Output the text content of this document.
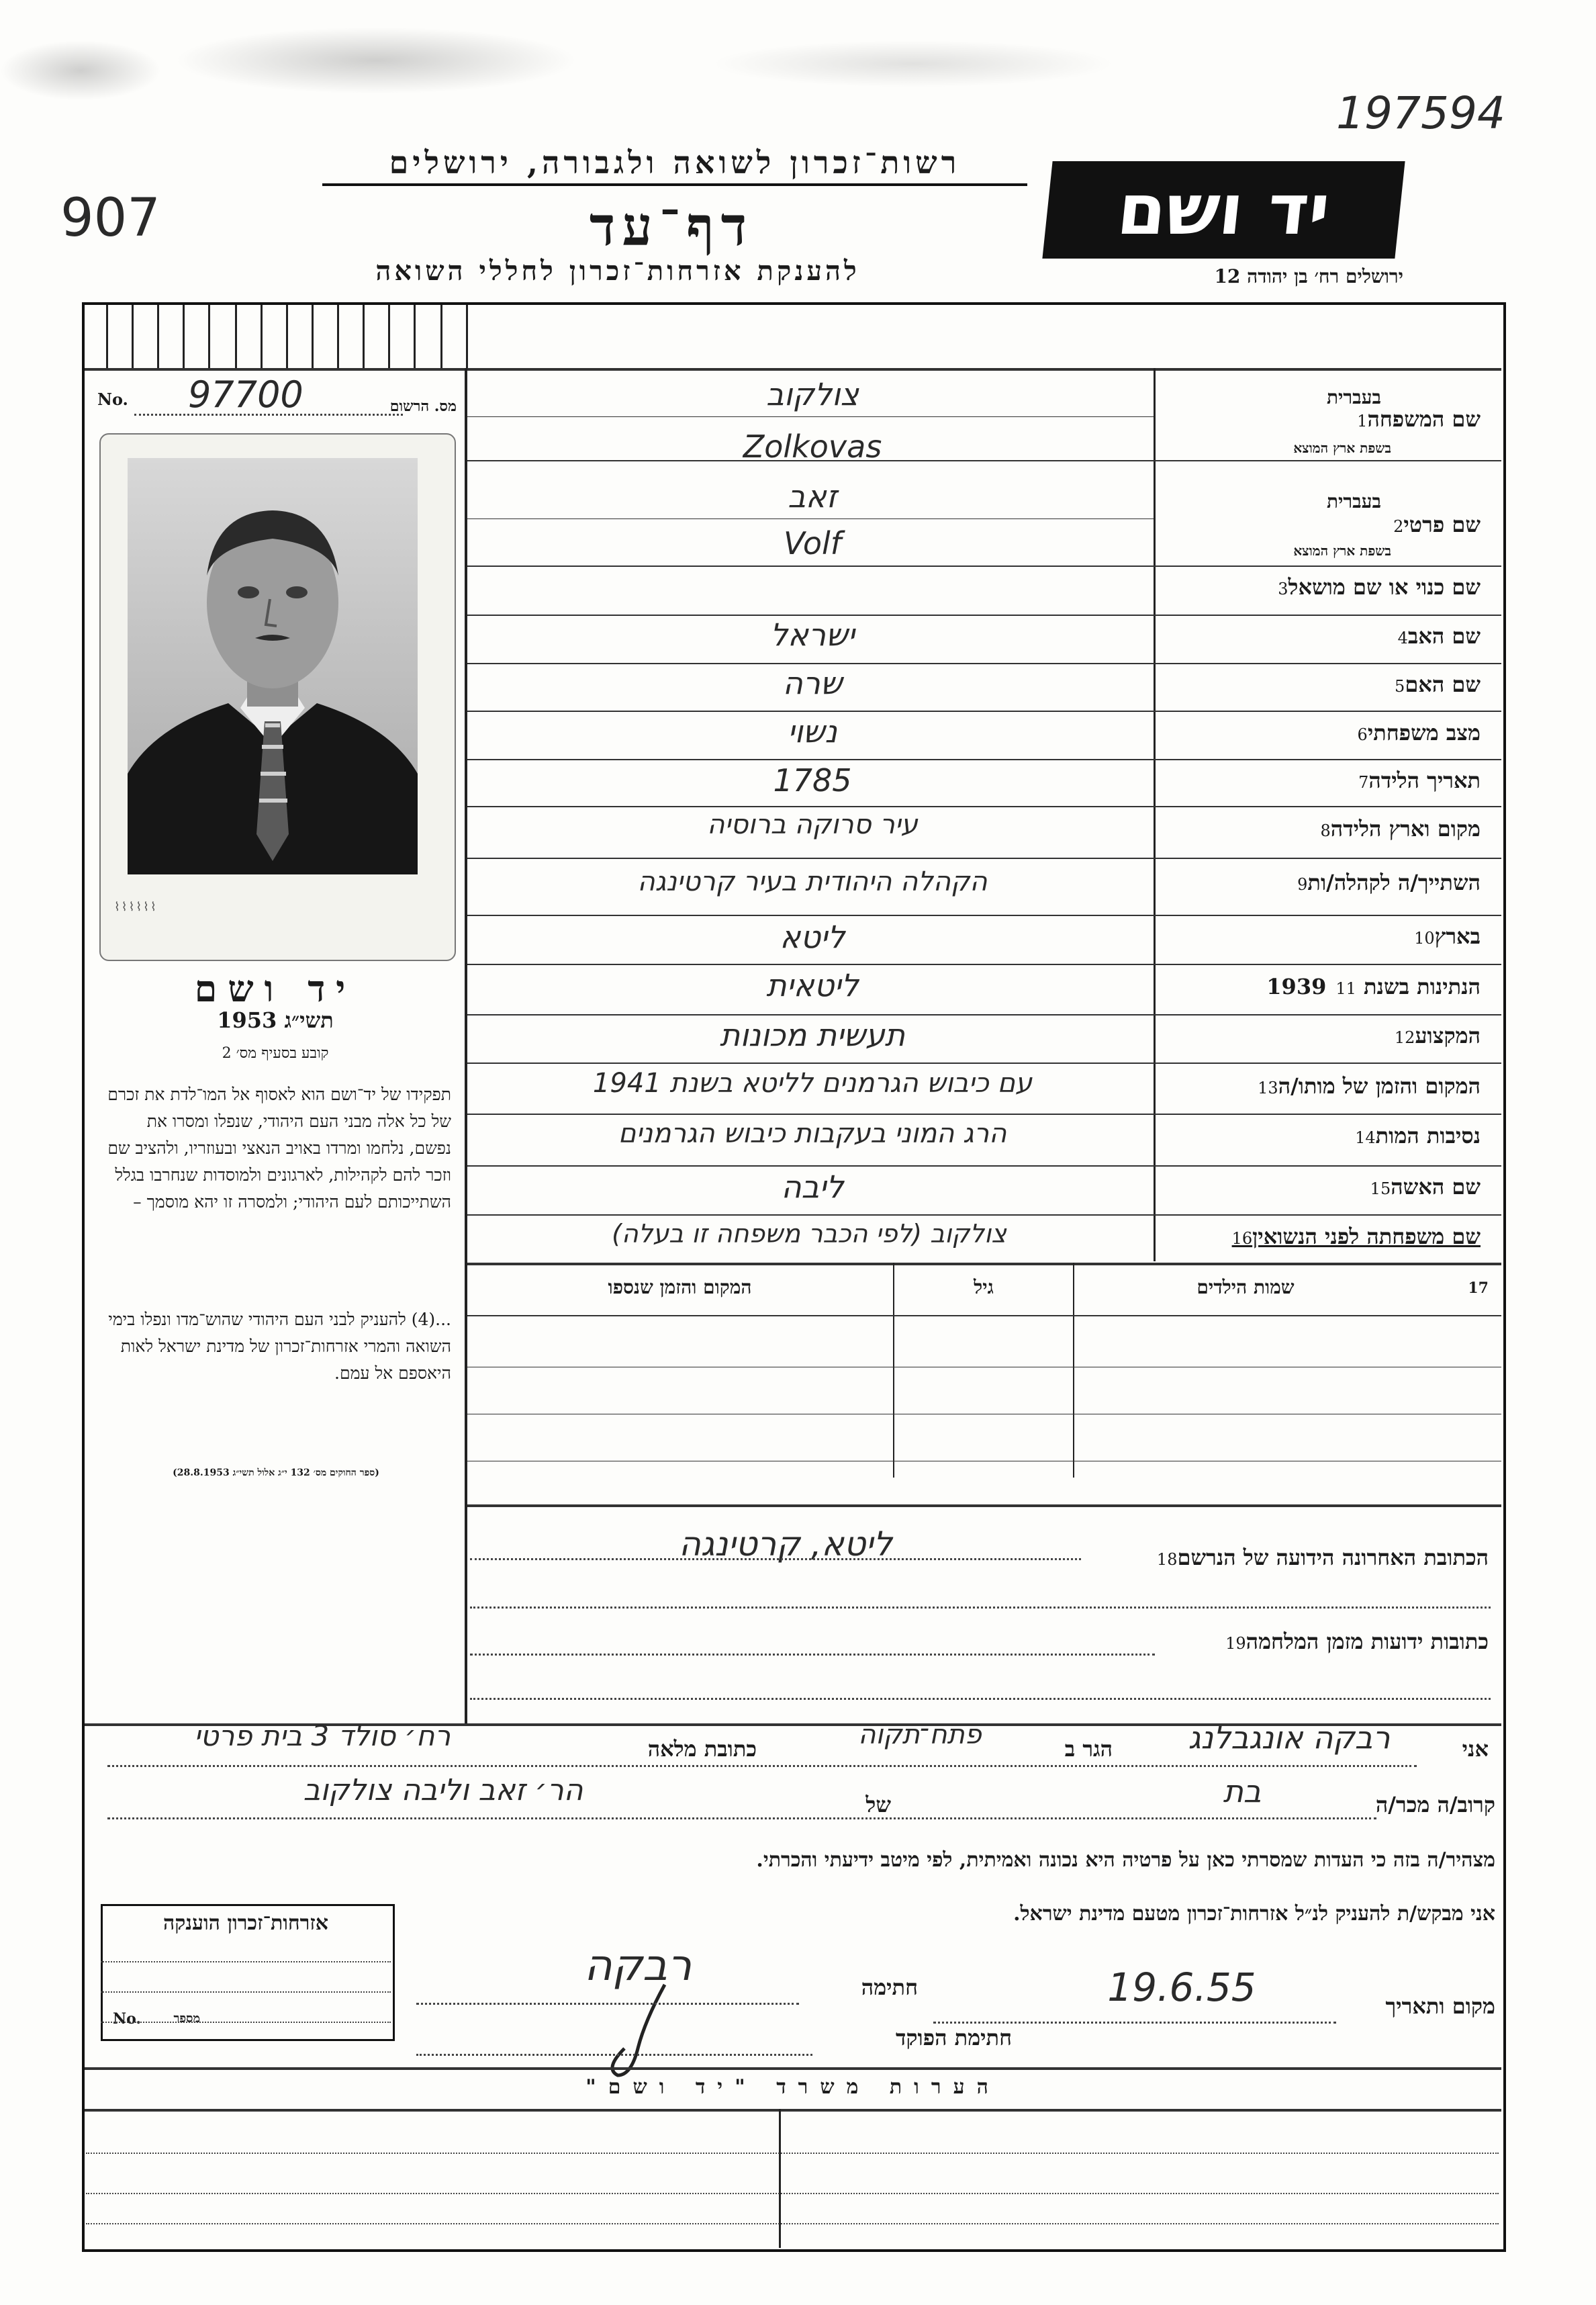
197594
907
רשות־זכרון לשואה ולגבורה, ירושלים
דף־עד
להענקת אזרחות־זכרון לחללי השואה
יד ושם
ירושלים רח׳ בן יהודה 12
No. 97700	מס. הרשום
⌇⌇⌇⌇⌇⌇
יד ושם
תשי״ג 1953
קובע בסעיף מס׳ 2
תפקידו של יד־ושם הוא לאסוף אל המו־לדת את זכרם של כל אלה מבני העם היהודי, שנפלו ומסרו את נפשם, נלחמו ומרדו באויב הנאצי ובעוזריו, ולהציב שם וזכר להם לקהילות, לארגונים ולמוסדות שנחרבו בגלל השתייכותם לעם היהודי; ולמסרה זו יהא מוסמך –
...(4) להעניק לבני העם היהודי שהוש־מדו ונפלו בימי השואה והמרי אזרחות־זכרון של מדינת ישראל לאות היאספם אל עמם.
(ספר החוקים מס׳ 132 י״ג אלול תשי״ג 28.8.1953)
שם המשפחה1
בעברית
בשפת ארץ המוצא
צולקוב
Zolkovas
שם פרטי2
בעברית
בשפת ארץ המוצא
זאב
Volf
שם כנוי או שם מושאל3
שם האב4
ישראל
שם האם5
שרה
מצב משפחתי6
נשוי
תאריך הלידה7
1785
מקום וארץ הלידה8
עיר סרוקה ברוסיה
השתייך/ה לקהלה/ות9
הקהלה היהודית בעיר קרטינגה
בארץ10
ליטא
הנתינות בשנת 193911
ליטאית
המקצוע12
תעשית מכונות
המקום והזמן של מותו/ה13
עם כיבוש הגרמנים לליטא בשנת 1941
נסיבות המות14
הרג המוני בעקבות כיבוש הגרמנים
שם האשה15
ליבה
שם משפחתה לפני הנשואין16
צולקוב (לפי הכבר משפחה זו בעלה)
17
שמות הילדים
גיל
המקום והזמן שנספו
הכתובת האחרונה הידועה של הנרשם18
ליטא, קרטינגה
כתובות ידועות מזמן המלחמה19
אני
רבקה אונגבלנג
הגר ב
פתח־תקוה
כתובת מלאה
רח׳ סולד 3 בית פרטי
קרוב/ה מכר/ה
בת
של
הר׳ זאב וליבה צולקוב
מצהיר/ה בזה כי העדות שמסרתי כאן על פרטיה היא נכונה ואמיתית, לפי מיטב ידיעתי והכרתי.
אני מבקש/ת להעניק לנ״ל אזרחות־זכרון מטעם מדינת ישראל.
מקום ותאריך
19.6.55
חתימה
רבקה
חתימת הפוקד
אזרחות־זכרון הוענקה
No.	מספר
הערות משרד "יד ושם"
